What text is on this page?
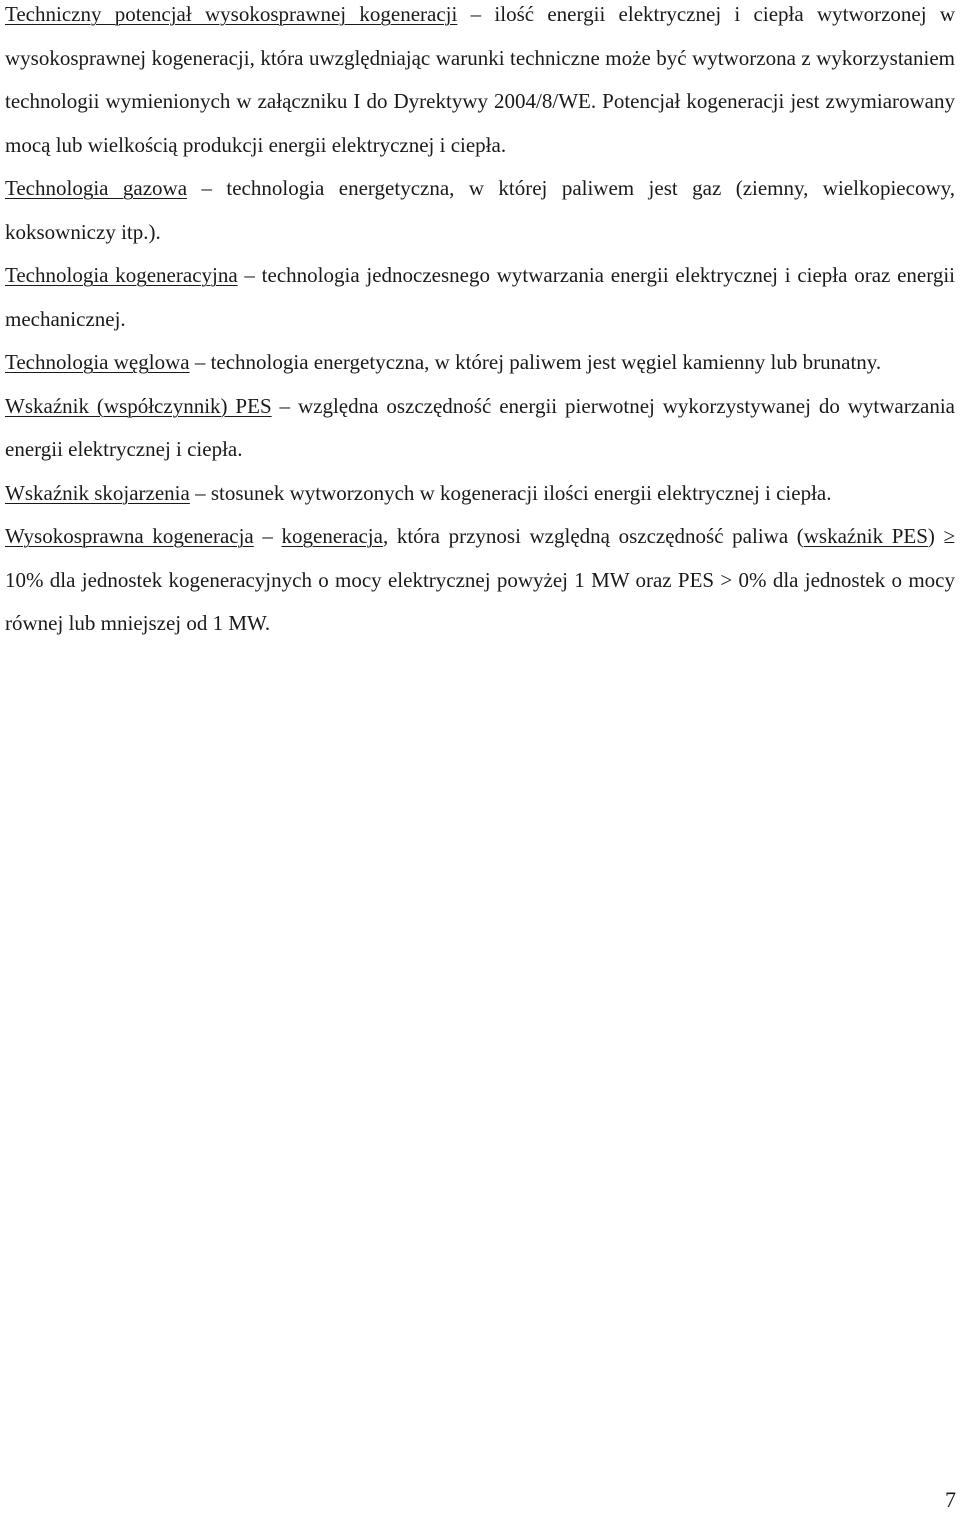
Techniczny potencjał wysokosprawnej kogeneracji – ilość energii elektrycznej i ciepła wytworzonej w wysokosprawnej kogeneracji, która uwzględniając warunki techniczne może być wytworzona z wykorzystaniem technologii wymienionych w załączniku I do Dyrektywy 2004/8/WE. Potencjał kogeneracji jest zwymiarowany mocą lub wielkością produkcji energii elektrycznej i ciepła.

Technologia gazowa – technologia energetyczna, w której paliwem jest gaz (ziemny, wielkopiecowy, koksowniczy itp.).

Technologia kogeneracyjna – technologia jednoczesnego wytwarzania energii elektrycznej i ciepła oraz energii mechanicznej.

Technologia węglowa – technologia energetyczna, w której paliwem jest węgiel kamienny lub brunatny.

Wskaźnik (współczynnik) PES – względna oszczędność energii pierwotnej wykorzystywanej do wytwarzania energii elektrycznej i ciepła.

Wskaźnik skojarzenia – stosunek wytworzonych w kogeneracji ilości energii elektrycznej i ciepła.

Wysokosprawna kogeneracja – kogeneracja, która przynosi względną oszczędność paliwa (wskaźnik PES) ≥ 10% dla jednostek kogeneracyjnych o mocy elektrycznej powyżej 1 MW oraz PES > 0% dla jednostek o mocy równej lub mniejszej od 1 MW.

7
